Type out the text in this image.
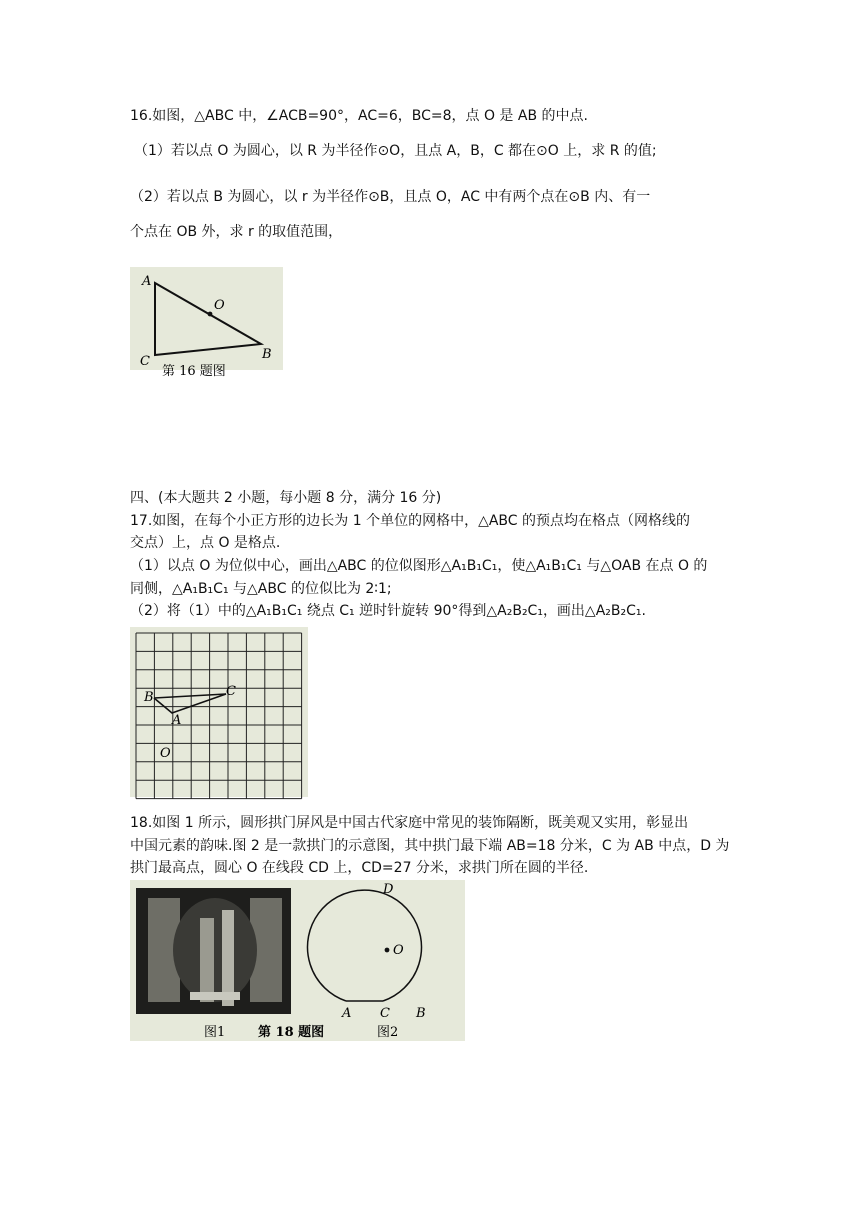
16.如图，△ABC 中，∠ACB=90°，AC=6，BC=8，点 O 是 AB 的中点.
（1）若以点 O 为圆心，以 R 为半径作⊙O，且点 A，B，C 都在⊙O 上，求 R 的值;
（2）若以点 B 为圆心，以 r 为半径作⊙B，且点 O，AC 中有两个点在⊙B 内、有一
个点在 OB 外，求 r 的取值范围，
A
O
C	B
第 16 题图
四、(本大题共 2 小题，每小题 8 分，满分 16 分)
17.如图，在每个小正方形的边长为 1 个单位的网格中，△ABC 的预点均在格点（网格线的
交点）上，点 O 是格点.
（1）以点 O 为位似中心，画出△ABC 的位似图形△A₁B₁C₁，使△A₁B₁C₁ 与△OAB 在点 O 的
同侧，△A₁B₁C₁ 与△ABC 的位似比为 2∶1;
（2）将（1）中的△A₁B₁C₁ 绕点 C₁ 逆时针旋转 90°得到△A₂B₂C₁，画出△A₂B₂C₁.
B
A
C
O
18.如图 1 所示，圆形拱门屏风是中国古代家庭中常见的装饰隔断，既美观又实用，彰显出
中国元素的韵味.图 2 是一款拱门的示意图，其中拱门最下端 AB=18 分米，C 为 AB 中点，D 为
拱门最高点，圆心 O 在线段 CD 上，CD=27 分米，求拱门所在圆的半径.
D
O
A C B
图1	第 18 题图	图2
